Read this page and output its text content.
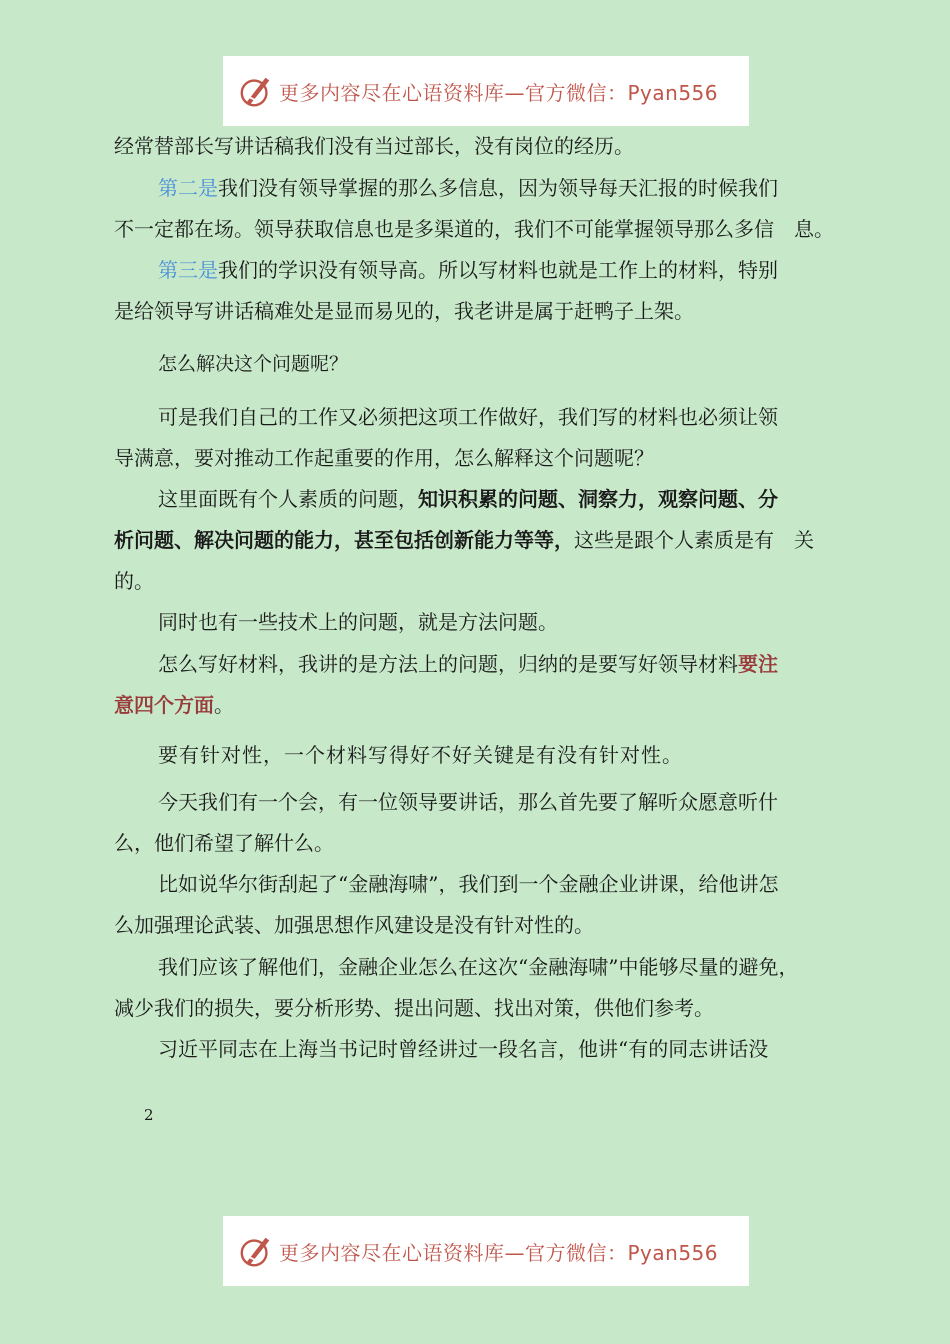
更多内容尽在心语资料库—官方微信：Pyan556
经常替部长写讲话稿我们没有当过部长，没有岗位的经历。
第二是我们没有领导掌握的那么多信息，因为领导每天汇报的时候我们
不一定都在场。领导获取信息也是多渠道的，我们不可能掌握领导那么多信　息。
第三是我们的学识没有领导高。所以写材料也就是工作上的材料，特别
是给领导写讲话稿难处是显而易见的，我老讲是属于赶鸭子上架。
怎么解决这个问题呢？
可是我们自己的工作又必须把这项工作做好，我们写的材料也必须让领
导满意，要对推动工作起重要的作用，怎么解释这个问题呢？
这里面既有个人素质的问题，知识积累的问题、洞察力，观察问题、分
析问题、解决问题的能力，甚至包括创新能力等等，这些是跟个人素质是有　关
的。
同时也有一些技术上的问题，就是方法问题。
怎么写好材料，我讲的是方法上的问题，归纳的是要写好领导材料要注
意四个方面。
要有针对性，一个材料写得好不好关键是有没有针对性。
今天我们有一个会，有一位领导要讲话，那么首先要了解听众愿意听什
么，他们希望了解什么。
比如说华尔街刮起了“金融海啸”，我们到一个金融企业讲课，给他讲怎
么加强理论武装、加强思想作风建设是没有针对性的。
我们应该了解他们，金融企业怎么在这次“金融海啸”中能够尽量的避免，
减少我们的损失，要分析形势、提出问题、找出对策，供他们参考。
习近平同志在上海当书记时曾经讲过一段名言，他讲“有的同志讲话没
2
更多内容尽在心语资料库—官方微信：Pyan556
